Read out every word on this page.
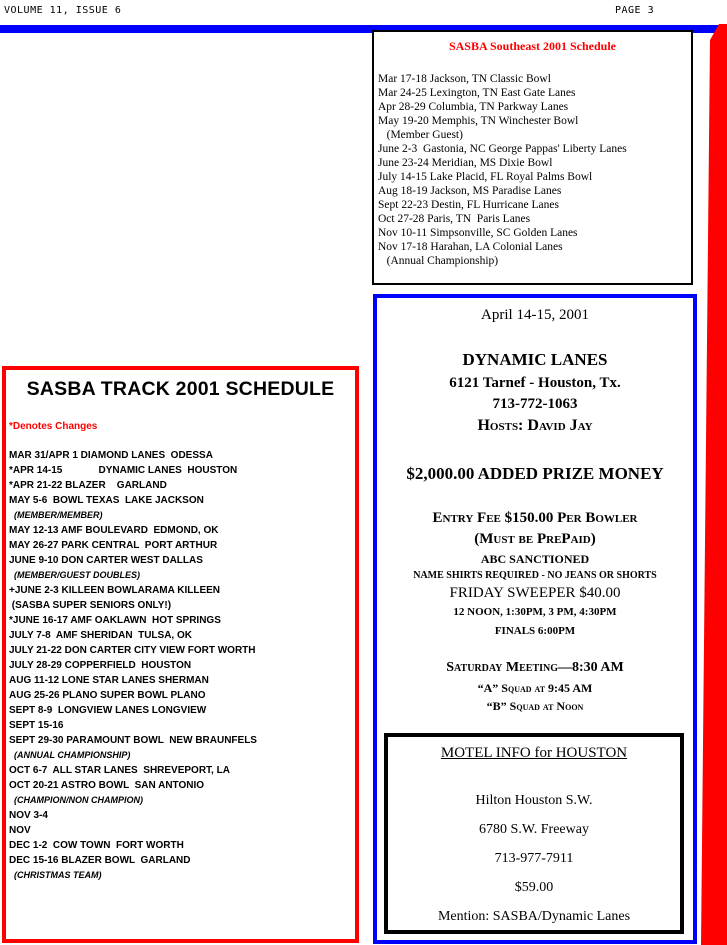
VOLUME 11, ISSUE 6	PAGE 3
SASBA Southeast 2001 Schedule
Mar 17-18 Jackson, TN Classic Bowl
Mar 24-25 Lexington, TN East Gate Lanes
Apr 28-29 Columbia, TN Parkway Lanes
May 19-20 Memphis, TN Winchester Bowl
(Member Guest)
June 2-3  Gastonia, NC George Pappas' Liberty Lanes
June 23-24 Meridian, MS Dixie Bowl
July 14-15 Lake Placid, FL Royal Palms Bowl
Aug 18-19 Jackson, MS Paradise Lanes
Sept 22-23 Destin, FL Hurricane Lanes
Oct 27-28 Paris, TN  Paris Lanes
Nov 10-11 Simpsonville, SC Golden Lanes
Nov 17-18 Harahan, LA Colonial Lanes
(Annual Championship)
SASBA TRACK 2001 SCHEDULE
*Denotes Changes
MAR 31/APR 1 DIAMOND LANES  ODESSA
*APR 14-15             DYNAMIC LANES  HOUSTON
*APR 21-22 BLAZER    GARLAND
MAY 5-6  BOWL TEXAS  LAKE JACKSON
(MEMBER/MEMBER)
MAY 12-13 AMF BOULEVARD  EDMOND, OK
MAY 26-27 PARK CENTRAL  PORT ARTHUR
JUNE 9-10 DON CARTER WEST DALLAS
(MEMBER/GUEST DOUBLES)
+JUNE 2-3 KILLEEN BOWLARAMA KILLEEN
(SASBA SUPER SENIORS ONLY!)
*JUNE 16-17 AMF OAKLAWN  HOT SPRINGS
JULY 7-8  AMF SHERIDAN  TULSA, OK
JULY 21-22 DON CARTER CITY VIEW FORT WORTH
JULY 28-29 COPPERFIELD  HOUSTON
AUG 11-12 LONE STAR LANES SHERMAN
AUG 25-26 PLANO SUPER BOWL PLANO
SEPT 8-9  LONGVIEW LANES LONGVIEW
SEPT 15-16
SEPT 29-30 PARAMOUNT BOWL  NEW BRAUNFELS
(ANNUAL CHAMPIONSHIP)
OCT 6-7  ALL STAR LANES  SHREVEPORT, LA
OCT 20-21 ASTRO BOWL  SAN ANTONIO
(CHAMPION/NON CHAMPION)
NOV 3-4
NOV
DEC 1-2  COW TOWN  FORT WORTH
DEC 15-16 BLAZER BOWL  GARLAND
(CHRISTMAS TEAM)
April 14-15, 2001
DYNAMIC LANES
6121 Tarnef - Houston, Tx.
713-772-1063
Hosts: David Jay
$2,000.00 ADDED PRIZE MONEY
Entry Fee $150.00 Per Bowler
(Must be PrePaid)
ABC SANCTIONED
NAME SHIRTS REQUIRED - NO JEANS OR SHORTS
FRIDAY SWEEPER $40.00
12 NOON, 1:30PM, 3 PM, 4:30PM
FINALS 6:00PM
Saturday Meeting—8:30 AM
“A” Squad at 9:45 AM
“B” Squad at Noon
MOTEL INFO for HOUSTON
Hilton Houston S.W.
6780 S.W. Freeway
713-977-7911
$59.00
Mention: SASBA/Dynamic Lanes
